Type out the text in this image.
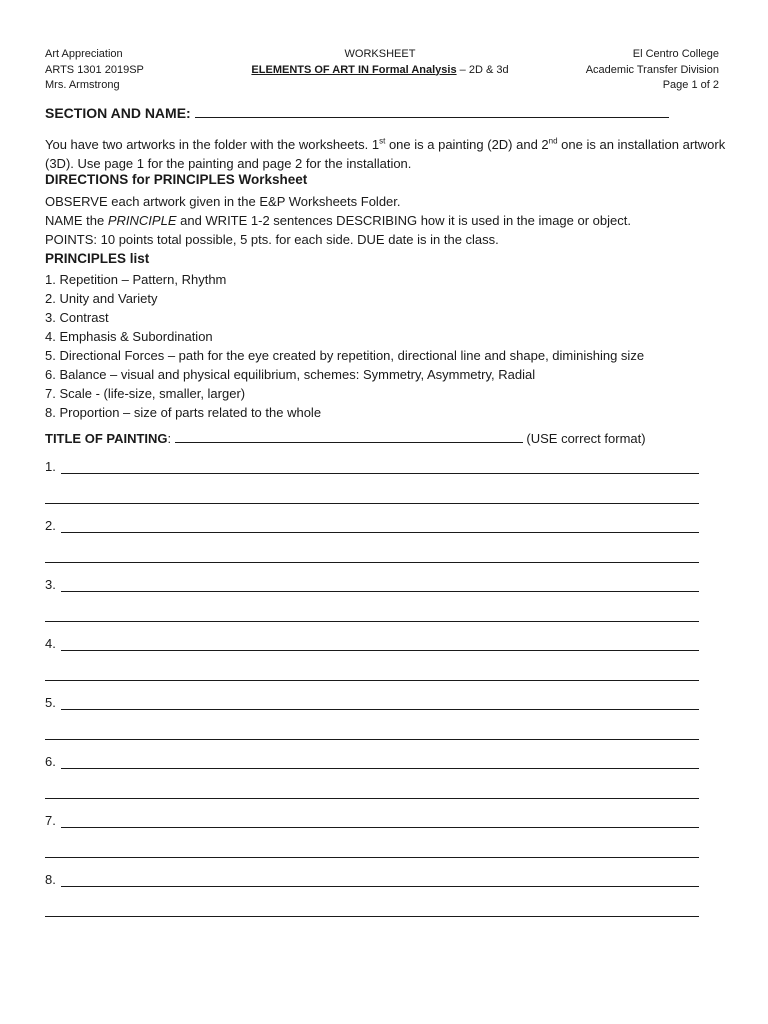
Art Appreciation
ARTS 1301 2019SP
Mrs. Armstrong
WORKSHEET
ELEMENTS OF ART IN Formal Analysis – 2D & 3d
El Centro College
Academic Transfer Division
Page 1 of 2
SECTION AND NAME:
You have two artworks in the folder with the worksheets. 1st one is a painting (2D) and 2nd one is an installation artwork (3D). Use page 1 for the painting and page 2 for the installation.
DIRECTIONS for PRINCIPLES Worksheet
OBSERVE each artwork given in the E&P Worksheets Folder.
NAME the PRINCIPLE and WRITE 1-2 sentences DESCRIBING how it is used in the image or object.
POINTS: 10 points total possible, 5 pts. for each side. DUE date is in the class.
PRINCIPLES list
1. Repetition – Pattern, Rhythm
2. Unity and Variety
3. Contrast
4. Emphasis & Subordination
5. Directional Forces – path for the eye created by repetition, directional line and shape, diminishing size
6. Balance – visual and physical equilibrium, schemes: Symmetry, Asymmetry, Radial
7. Scale - (life-size, smaller, larger)
8. Proportion – size of parts related to the whole
TITLE OF PAINTING:	(USE correct format)
1.
2.
3.
4.
5.
6.
7.
8.
